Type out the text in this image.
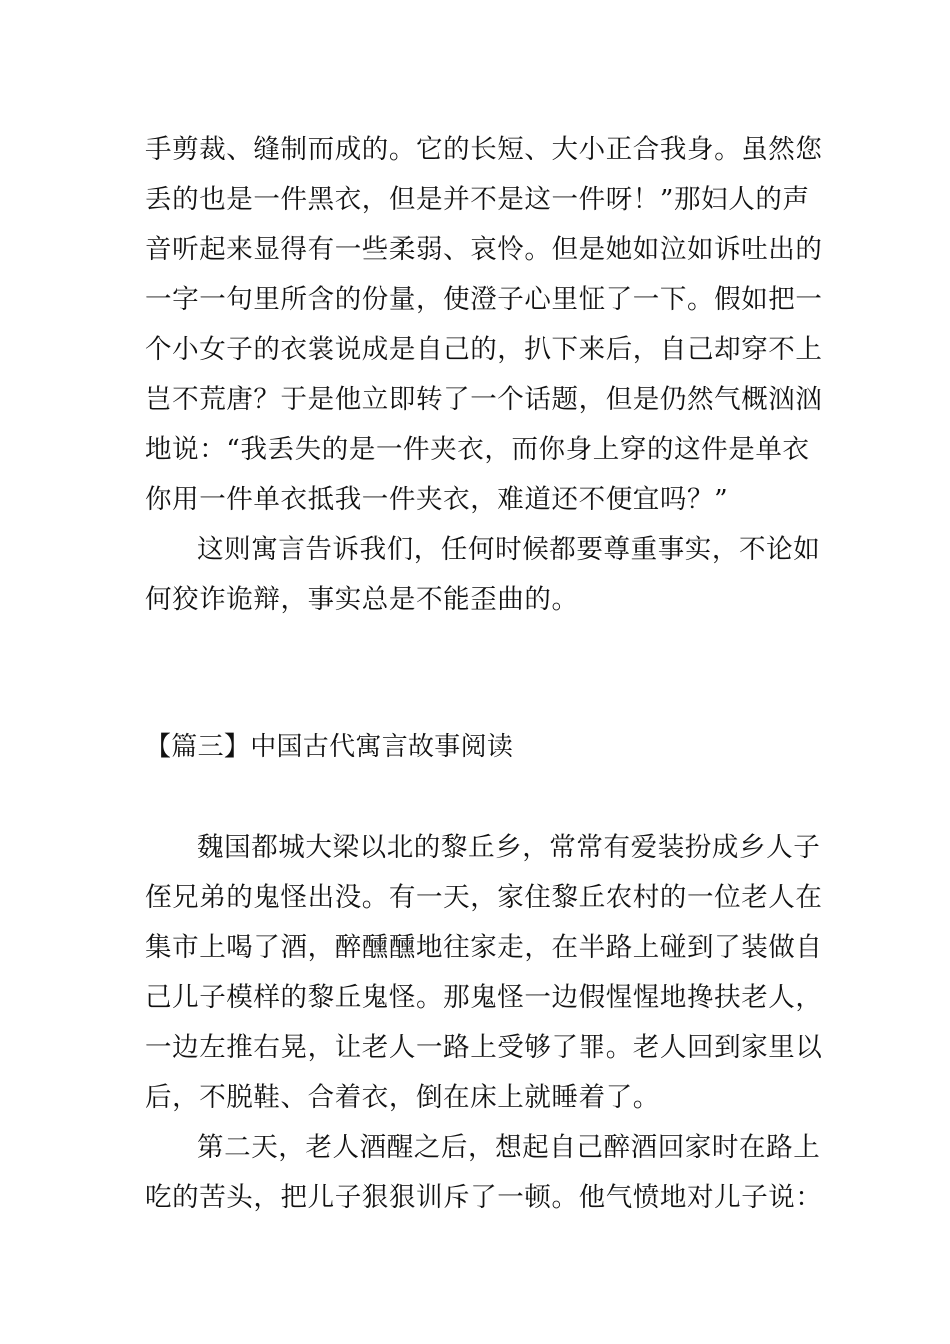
手剪裁、缝制而成的。它的长短、大小正合我身。虽然您
丢的也是一件黑衣，但是并不是这一件呀！”那妇人的声
音听起来显得有一些柔弱、哀怜。但是她如泣如诉吐出的
一字一句里所含的份量，使澄子心里怔了一下。假如把一
个小女子的衣裳说成是自己的，扒下来后，自己却穿不上
岂不荒唐？于是他立即转了一个话题，但是仍然气概汹汹
地说：“我丢失的是一件夹衣，而你身上穿的这件是单衣
你用一件单衣抵我一件夹衣，难道还不便宜吗？”
这则寓言告诉我们，任何时候都要尊重事实，不论如
何狡诈诡辩，事实总是不能歪曲的。
【篇三】中国古代寓言故事阅读
魏国都城大梁以北的黎丘乡，常常有爱装扮成乡人子
侄兄弟的鬼怪出没。有一天，家住黎丘农村的一位老人在
集市上喝了酒，醉醺醺地往家走，在半路上碰到了装做自
己儿子模样的黎丘鬼怪。那鬼怪一边假惺惺地搀扶老人，
一边左推右晃，让老人一路上受够了罪。老人回到家里以
后，不脱鞋、合着衣，倒在床上就睡着了。
第二天，老人酒醒之后，想起自己醉酒回家时在路上
吃的苦头，把儿子狠狠训斥了一顿。他气愤地对儿子说：
